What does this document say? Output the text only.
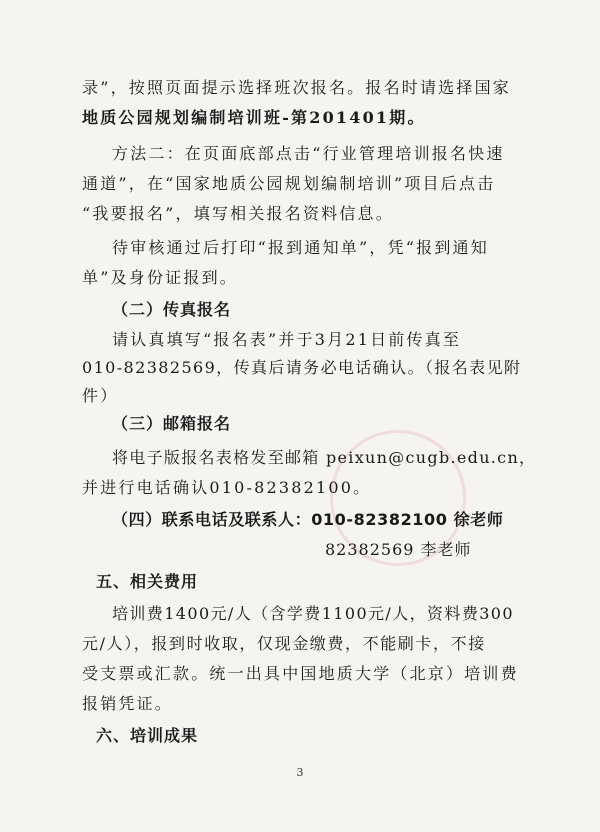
录”，按照页面提示选择班次报名。报名时请选择国家
地质公园规划编制培训班-第201401期。
方法二：在页面底部点击“行业管理培训报名快速
通道”，在“国家地质公园规划编制培训”项目后点击
“我要报名”，填写相关报名资料信息。
待审核通过后打印“报到通知单”，凭“报到通知
单”及身份证报到。
（二）传真报名
请认真填写“报名表”并于3月21日前传真至
010-82382569，传真后请务必电话确认。（报名表见附
件）
（三）邮箱报名
将电子版报名表格发至邮箱 peixun@cugb.edu.cn，
并进行电话确认010-82382100。
（四）联系电话及联系人：010-82382100 徐老师
82382569 李老师
五、相关费用
培训费1400元/人（含学费1100元/人，资料费300
元/人），报到时收取，仅现金缴费，不能刷卡，不接
受支票或汇款。统一出具中国地质大学（北京）培训费
报销凭证。
六、培训成果
3
